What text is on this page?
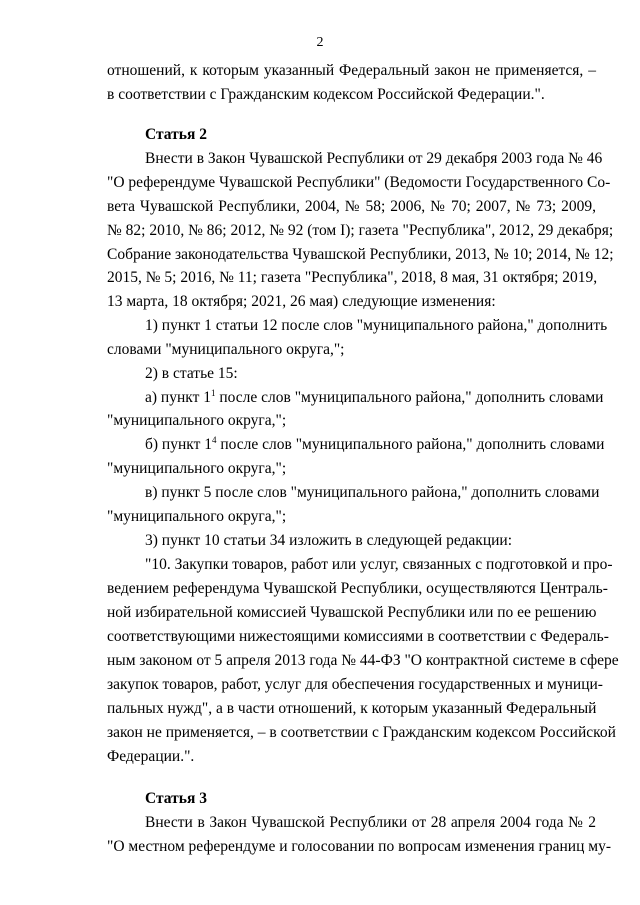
2
отношений, к которым указанный Федеральный закон не применяется, –
в соответствии с Гражданским кодексом Российской Федерации.".
Статья 2
Внести в Закон Чувашской Республики от 29 декабря 2003 года № 46
"О референдуме Чувашской Республики" (Ведомости Государственного Со-
вета Чувашской Республики, 2004, № 58; 2006, № 70; 2007, № 73; 2009,
№ 82; 2010, № 86; 2012, № 92 (том I); газета "Республика", 2012, 29 декабря;
Собрание законодательства Чувашской Республики, 2013, № 10; 2014, № 12;
2015, № 5; 2016, № 11; газета "Республика", 2018, 8 мая, 31 октября; 2019,
13 марта, 18 октября; 2021, 26 мая) следующие изменения:
1) пункт 1 статьи 12 после слов "муниципального района," дополнить
словами "муниципального округа,";
2) в статье 15:
а) пункт $1^1$ после слов "муниципального района," дополнить словами
"муниципального округа,";
б) пункт $1^4$ после слов "муниципального района," дополнить словами
"муниципального округа,";
в) пункт 5 после слов "муниципального района," дополнить словами
"муниципального округа,";
3) пункт 10 статьи 34 изложить в следующей редакции:
"10. Закупки товаров, работ или услуг, связанных с подготовкой и про-
ведением референдума Чувашской Республики, осуществляются Централь-
ной избирательной комиссией Чувашской Республики или по ее решению
соответствующими нижестоящими комиссиями в соответствии с Федераль-
ным законом от 5 апреля 2013 года № 44-ФЗ "О контрактной системе в сфере
закупок товаров, работ, услуг для обеспечения государственных и муници-
пальных нужд", а в части отношений, к которым указанный Федеральный
закон не применяется, – в соответствии с Гражданским кодексом Российской
Федерации.".
Статья 3
Внести в Закон Чувашской Республики от 28 апреля 2004 года № 2
"О местном референдуме и голосовании по вопросам изменения границ му-
